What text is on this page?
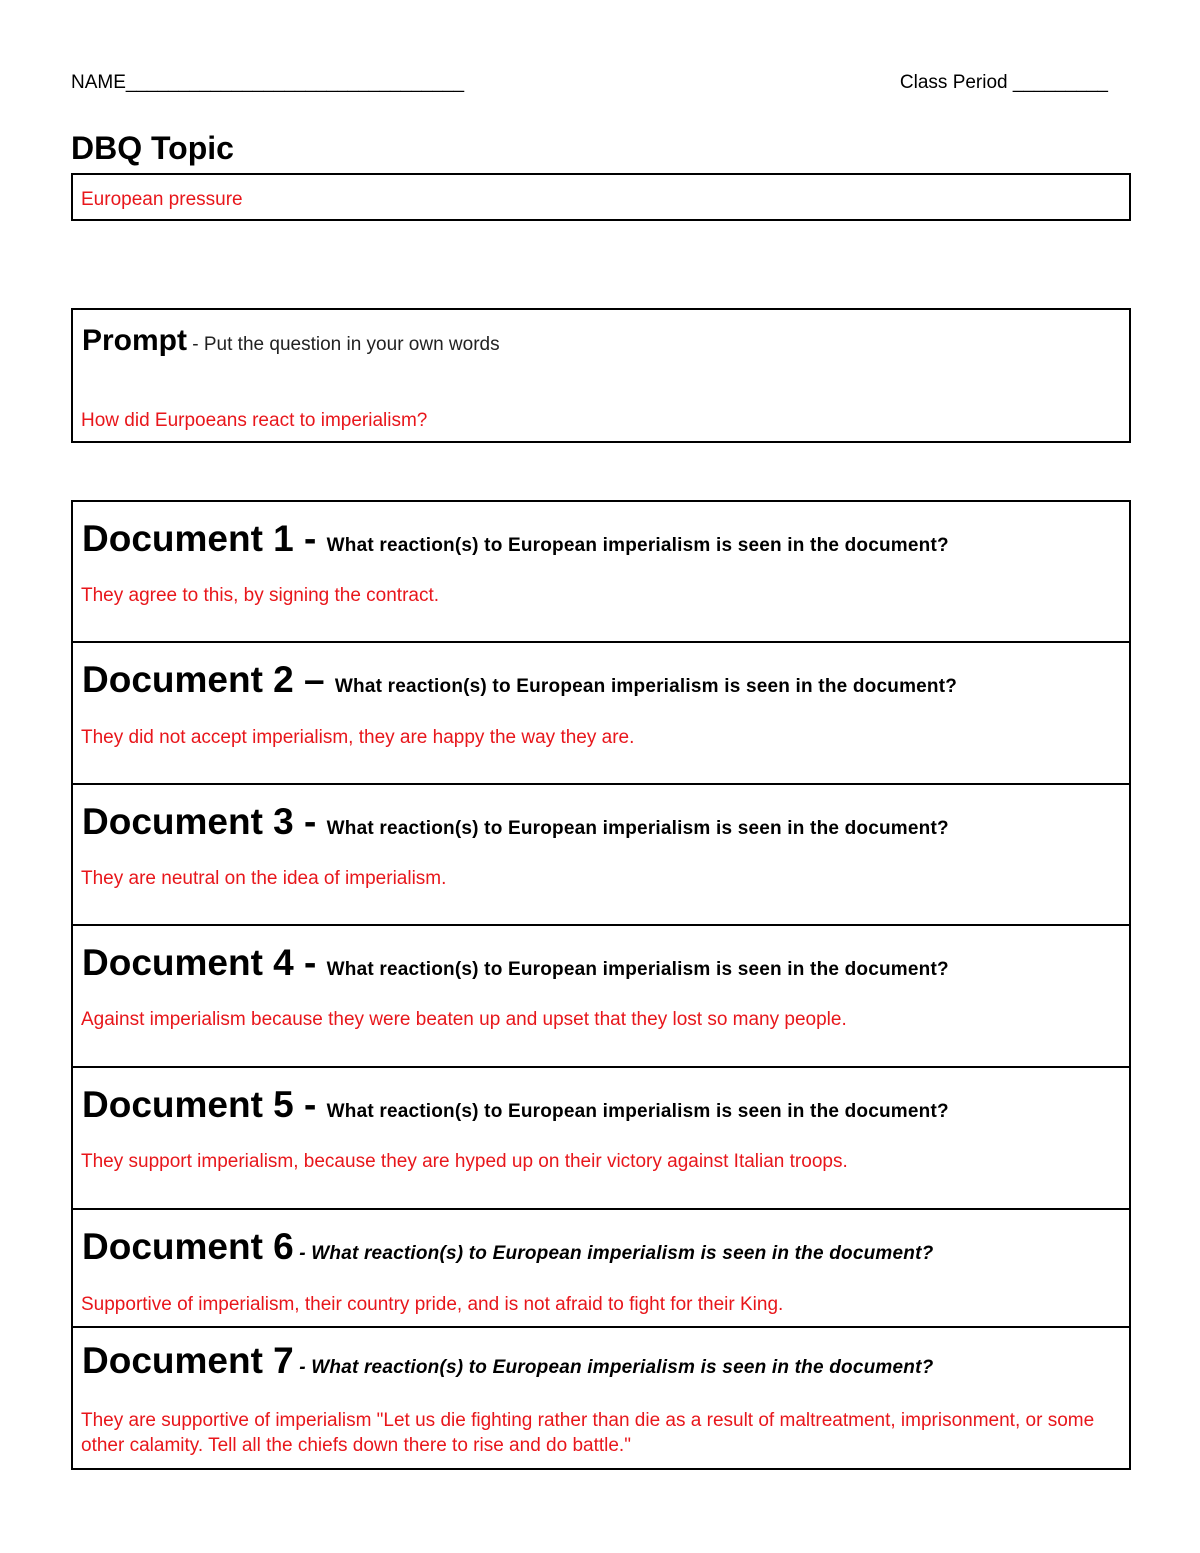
NAME________________________________	Class Period _________
DBQ Topic
European pressure
Prompt - Put the question in your own words
How did Eurpoeans react to imperialism?
Document 1 - What reaction(s) to European imperialism is seen in the document?
They agree to this, by signing the contract.
Document 2 – What reaction(s) to European imperialism is seen in the document?
They did not accept imperialism, they are happy the way they are.
Document 3 - What reaction(s) to European imperialism is seen in the document?
They are neutral on the idea of imperialism.
Document 4 - What reaction(s) to European imperialism is seen in the document?
Against imperialism because they were beaten up and upset that they lost so many people.
Document 5 - What reaction(s) to European imperialism is seen in the document?
They support imperialism, because they are hyped up on their victory against Italian troops.
Document 6 - What reaction(s) to European imperialism is seen in the document?
Supportive of imperialism, their country pride, and is not afraid to fight for their King.
Document 7 - What reaction(s) to European imperialism is seen in the document?
They are supportive of imperialism "Let us die fighting rather than die as a result of maltreatment, imprisonment, or some other calamity. Tell all the chiefs down there to rise and do battle."
